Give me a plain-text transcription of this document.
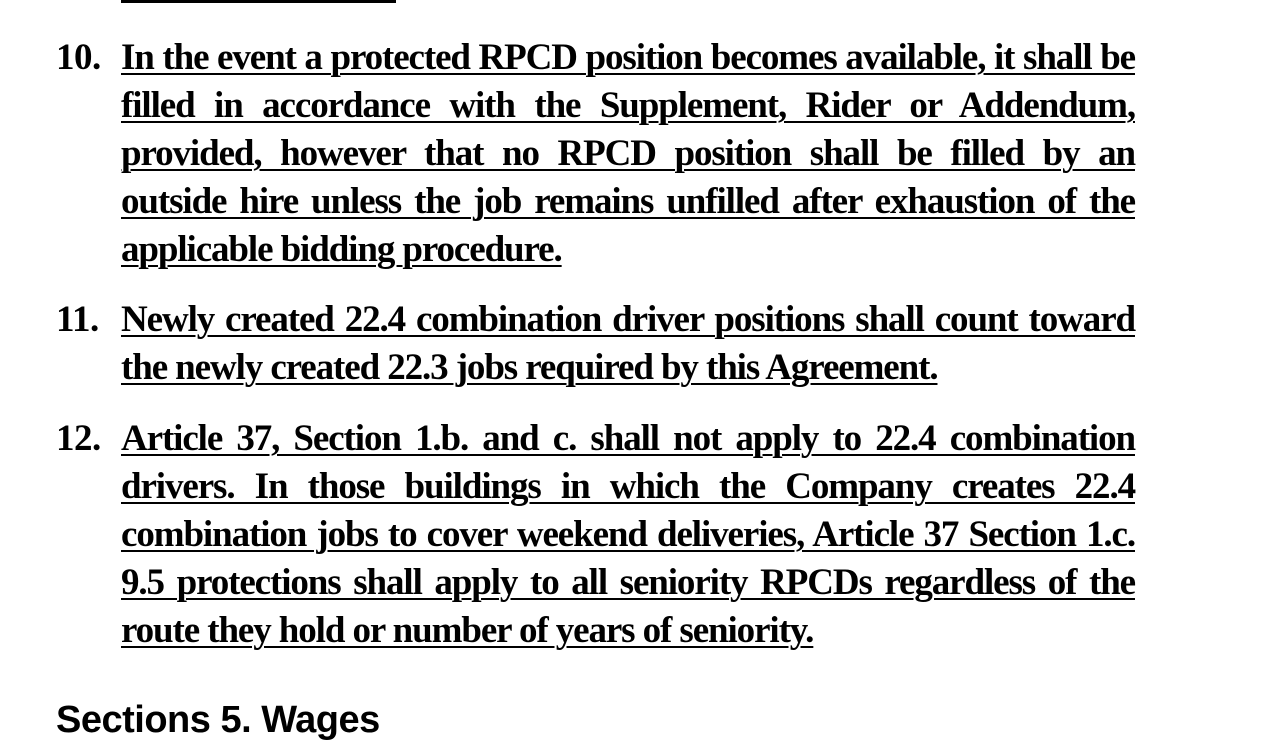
10. In the event a protected RPCD position becomes available, it shall be filled in accordance with the Supplement, Rider or Addendum, provided, however that no RPCD position shall be filled by an outside hire unless the job remains unfilled after exhaustion of the applicable bidding procedure.
11. Newly created 22.4 combination driver positions shall count toward the newly created 22.3 jobs required by this Agreement.
12. Article 37, Section 1.b. and c. shall not apply to 22.4 combination drivers. In those buildings in which the Company creates 22.4 combination jobs to cover weekend deliveries, Article 37 Section 1.c. 9.5 protections shall apply to all seniority RPCDs regardless of the route they hold or number of years of seniority.
Sections 5. Wages
